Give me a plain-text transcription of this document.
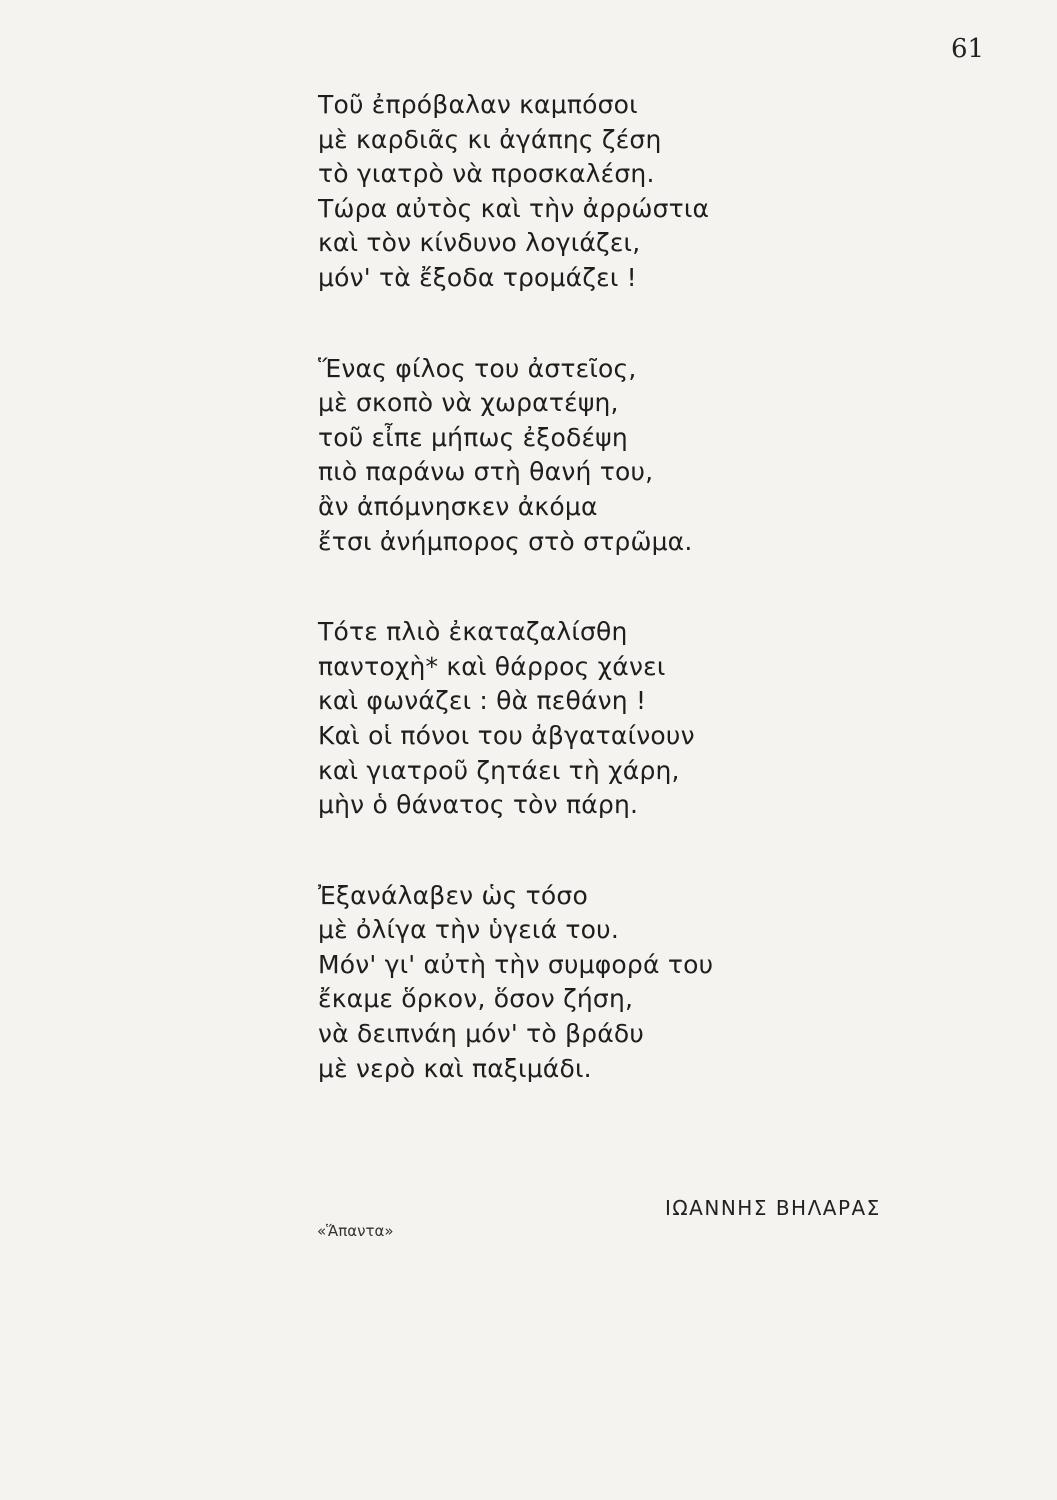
61
Τοῦ ἐπρόβαλαν καμπόσοι
μὲ καρδιᾶς κι ἀγάπης ζέση
τὸ γιατρὸ νὰ προσκαλέση.
Τώρα αὐτὸς καὶ τὴν ἀρρώστια
καὶ τὸν κίνδυνο λογιάζει,
μόν' τὰ ἔξοδα τρομάζει !
Ἕνας φίλος του ἀστεῖος,
μὲ σκοπὸ νὰ χωρατέψη,
τοῦ εἶπε μήπως ἐξοδέψη
πιὸ παράνω στὴ θανή του,
ἂν ἀπόμνησκεν ἀκόμα
ἔτσι ἀνήμπορος στὸ στρῶμα.
Τότε πλιὸ ἐκαταζαλίσθη
παντοχὴ* καὶ θάρρος χάνει
καὶ φωνάζει : θὰ πεθάνη !
Καὶ οἱ πόνοι του ἀβγαταίνουν
καὶ γιατροῦ ζητάει τὴ χάρη,
μὴν ὁ θάνατος τὸν πάρη.
Ἐξανάλαβεν ὡς τόσο
μὲ ὀλίγα τὴν ὑγειά του.
Μόν' γι' αὐτὴ τὴν συμφορά του
ἔκαμε ὅρκον, ὅσον ζήση,
νὰ δειπνάη μόν' τὸ βράδυ
μὲ νερὸ καὶ παξιμάδι.
ΙΩΑΝΝΗΣ ΒΗΛΑΡΑΣ
«Ἅπαντα»
